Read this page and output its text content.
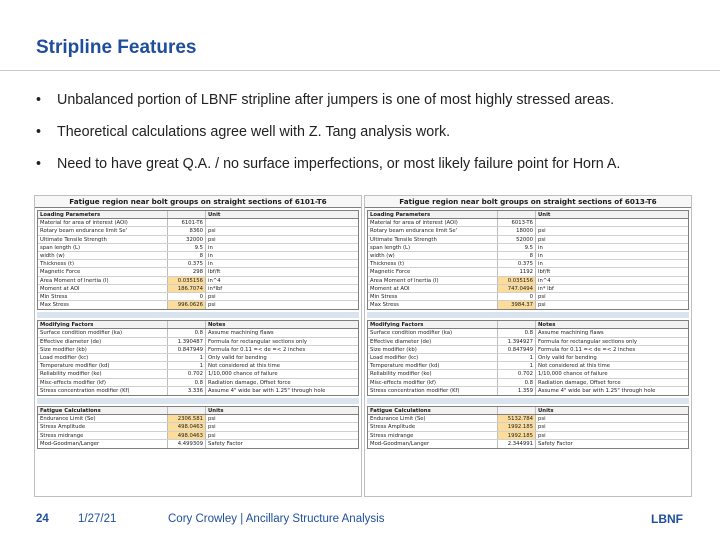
Stripline Features
•	Unbalanced portion of LBNF stripline after jumpers is one of most highly stressed areas.
•	Theoretical calculations agree well with Z. Tang analysis work.
•	Need to have great Q.A. / no surface imperfections, or most likely failure point for Horn A.
Fatigue region near bolt groups on straight sections of 6101-T6
Loading Parameters	Unit
Material for area of interest (AOI)	6101-T6
Rotary beam endurance limit Se'	8360 psi
Ultimate Tensile Strength	32000 psi
span length (L)	9.5 in
width (w)	8 in
Thickness (t)	0.375 in
Magnetic Force	298 lbf/ft
Area Moment of Inertia (I)	0.035156 in^4
Moment at AOI	186.7074 in*lbf
Min Stress	0 psi
Max Stress	996.0626 psi
Modifying Factors	Notes
Surface condition modifier (ka)	0.8 Assume machining flaws
Effective diameter (de)	1.390487 Formula for rectangular sections only
Size modifier (kb)	0.847949 Formula for 0.11 =< de =< 2 inches
Load modifier (kc)	1 Only valid for bending
Temperature modifier (kd)	1 Not considered at this time
Reliability modifier (ke)	0.702 1/10,000 chance of failure
Misc-effects modifier (kf)	0.8 Radiation damage, Offset force
Stress concentration modifier (Kf)	3.336 Assume 4" wide bar with 1.25" through hole
Fatigue Calculations	Units
Endurance Limit (Se)	2306.581 psi
Stress Amplitude	498.0463 psi
Stress midrange	498.0463 psi
Mod-Goodman/Langer	4.499309 Safety Factor
Fatigue region near bolt groups on straight sections of 6013-T6
Loading Parameters	Unit
Material for area of interest (AOI)	6013-T6
Rotary beam endurance limit Se'	18000 psi
Ultimate Tensile Strength	52000 psi
span length (L)	9.5 in
width (w)	8 in
Thickness (t)	0.375 in
Magnetic Force	1192 lbf/ft
Area Moment of Inertia (I)	0.035156 in^4
Moment at AOI	747.0494 in* lbf
Min Stress	0 psi
Max Stress	3984.37 psi
Modifying Factors	Notes
Surface condition modifier (ka)	0.8 Assume machining flaws
Effective diameter (de)	1.394927 Formula for rectangular sections only
Size modifier (kb)	0.847949 Formula for 0.11 =< de =< 2 inches
Load modifier (kc)	1 Only valid for bending
Temperature modifier (kd)	1 Not considered at this time
Reliability modifier (ke)	0.702 1/10,000 chance of failure
Misc-effects modifier (kf)	0.8 Radiation damage, Offset force
Stress concentration modifier (Kf)	1.359 Assume 4" wide bar with 1.25" through hole
Fatigue Calculations	Units
Endurance Limit (Se)	5132.784 psi
Stress Amplitude	1992.185 psi
Stress midrange	1992.185 psi
Mod-Goodman/Langer	2.344991 Safety Factor
24	1/27/21	Cory Crowley | Ancillary Structure Analysis	LBNF
